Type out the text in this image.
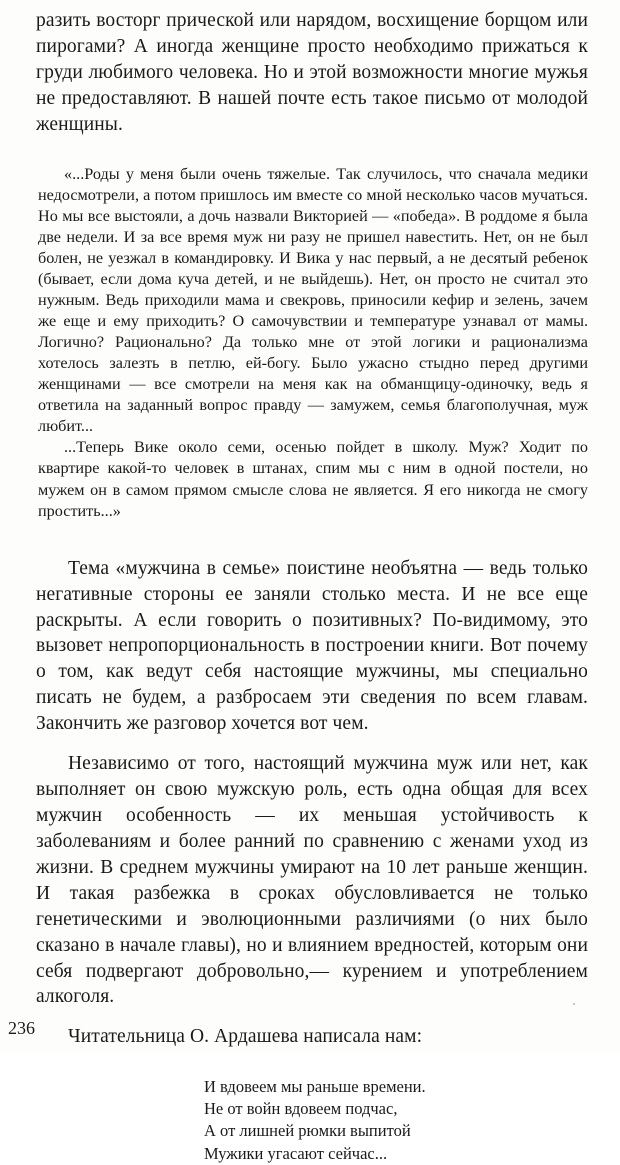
разить восторг прической или нарядом, восхищение борщом или пирогами? А иногда женщине просто необходимо прижаться к груди любимого человека. Но и этой возможности многие мужья не предоставляют. В нашей почте есть такое письмо от молодой женщины.

«...Роды у меня были очень тяжелые. Так случилось, что сначала медики недосмотрели, а потом пришлось им вместе со мной несколько часов мучаться. Но мы все выстояли, а дочь назвали Викторией — «победа». В роддоме я была две недели. И за все время муж ни разу не пришел навестить. Нет, он не был болен, не уезжал в командировку. И Вика у нас первый, а не десятый ребенок (бывает, если дома куча детей, и не выйдешь). Нет, он просто не считал это нужным. Ведь приходили мама и свекровь, приносили кефир и зелень, зачем же еще и ему приходить? О самочувствии и температуре узнавал от мамы. Логично? Рационально? Да только мне от этой логики и рационализма хотелось залезть в петлю, ей-богу. Было ужасно стыдно перед другими женщинами — все смотрели на меня как на обманщицу-одиночку, ведь я ответила на заданный вопрос правду — замужем, семья благополучная, муж любит...

...Теперь Вике около семи, осенью пойдет в школу. Муж? Ходит по квартире какой-то человек в штанах, спим мы с ним в одной постели, но мужем он в самом прямом смысле слова не является. Я его никогда не смогу простить...»

Тема «мужчина в семье» поистине необъятна — ведь только негативные стороны ее заняли столько места. И не все еще раскрыты. А если говорить о позитивных? По-видимому, это вызовет непропорциональность в построении книги. Вот почему о том, как ведут себя настоящие мужчины, мы специально писать не будем, а разбросаем эти сведения по всем главам. Закончить же разговор хочется вот чем.

Независимо от того, настоящий мужчина муж или нет, как выполняет он свою мужскую роль, есть одна общая для всех мужчин особенность — их меньшая устойчивость к заболеваниям и более ранний по сравнению с женами уход из жизни. В среднем мужчины умирают на 10 лет раньше женщин. И такая разбежка в сроках обусловливается не только генетическими и эволюционными различиями (о них было сказано в начале главы), но и влиянием вредностей, которым они себя подвергают добровольно,— курением и употреблением алкоголя.

Читательница О. Ардашева написала нам:

И вдовеем мы раньше времени.
Не от войн вдовеем подчас,
А от лишней рюмки выпитой
Мужики угасают сейчас...
236
